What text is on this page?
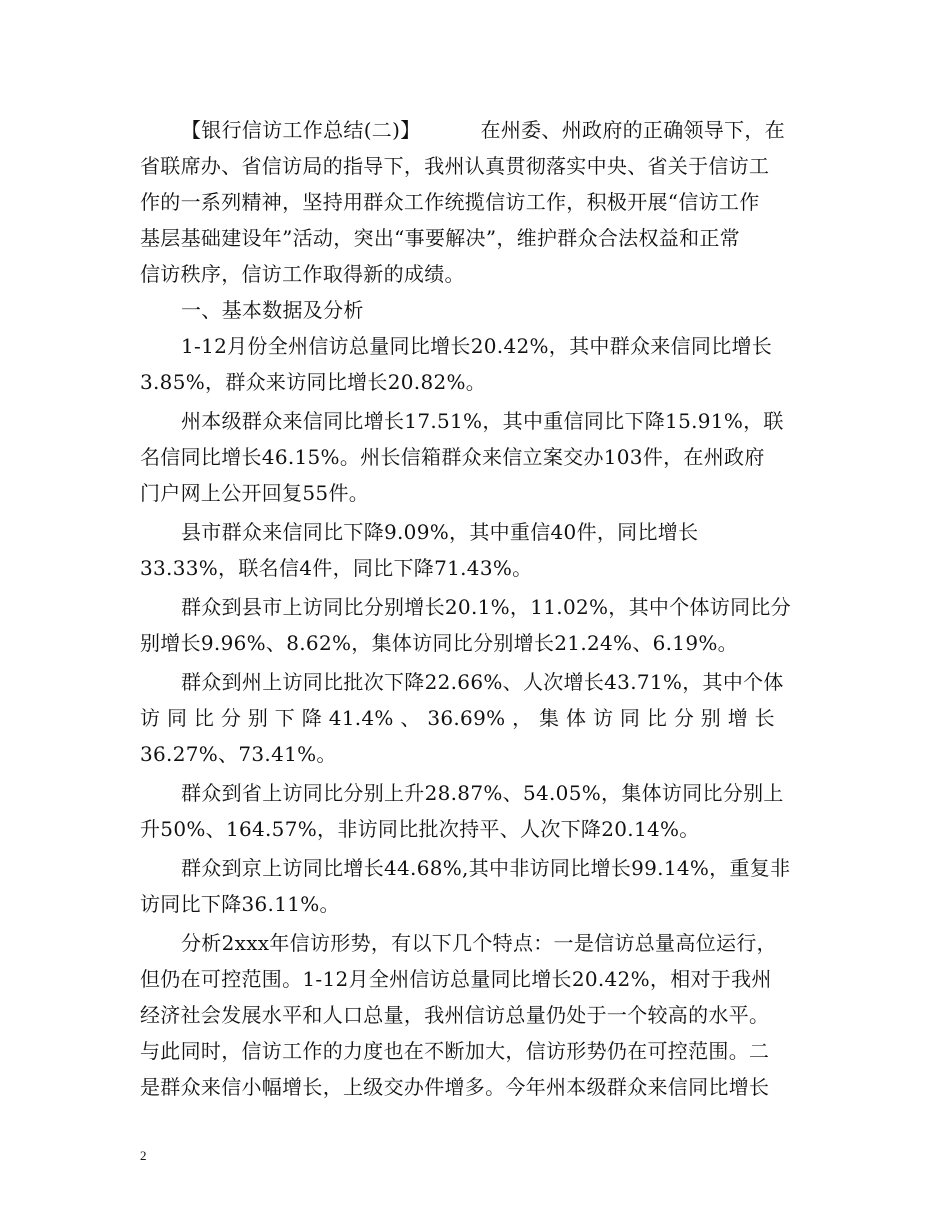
【银行信访工作总结(二)】	在州委、州政府的正确领导下，在
省联席办、省信访局的指导下，我州认真贯彻落实中央、省关于信访工
作的一系列精神，坚持用群众工作统揽信访工作，积极开展“信访工作
基层基础建设年”活动，突出“事要解决”，维护群众合法权益和正常
信访秩序，信访工作取得新的成绩。
一、基本数据及分析
1-12月份全州信访总量同比增长20.42%，其中群众来信同比增长
3.85%，群众来访同比增长20.82%。
州本级群众来信同比增长17.51%，其中重信同比下降15.91%，联
名信同比增长46.15%。州长信箱群众来信立案交办103件，在州政府
门户网上公开回复55件。
县市群众来信同比下降9.09%，其中重信40件，同比增长
33.33%，联名信4件，同比下降71.43%。
群众到县市上访同比分别增长20.1%，11.02%，其中个体访同比分
别增长9.96%、8.62%，集体访同比分别增长21.24%、6.19%。
群众到州上访同比批次下降22.66%、人次增长43.71%，其中个体
访 同 比 分 别 下 降 41.4% 、 36.69% ， 集 体 访 同 比 分 别 增 长
36.27%、73.41%。
群众到省上访同比分别上升28.87%、54.05%，集体访同比分别上
升50%、164.57%，非访同比批次持平、人次下降20.14%。
群众到京上访同比增长44.68%,其中非访同比增长99.14%，重复非
访同比下降36.11%。
分析2xxx年信访形势，有以下几个特点：一是信访总量高位运行，
但仍在可控范围。1-12月全州信访总量同比增长20.42%，相对于我州
经济社会发展水平和人口总量，我州信访总量仍处于一个较高的水平。
与此同时，信访工作的力度也在不断加大，信访形势仍在可控范围。二
是群众来信小幅增长，上级交办件增多。今年州本级群众来信同比增长
2
